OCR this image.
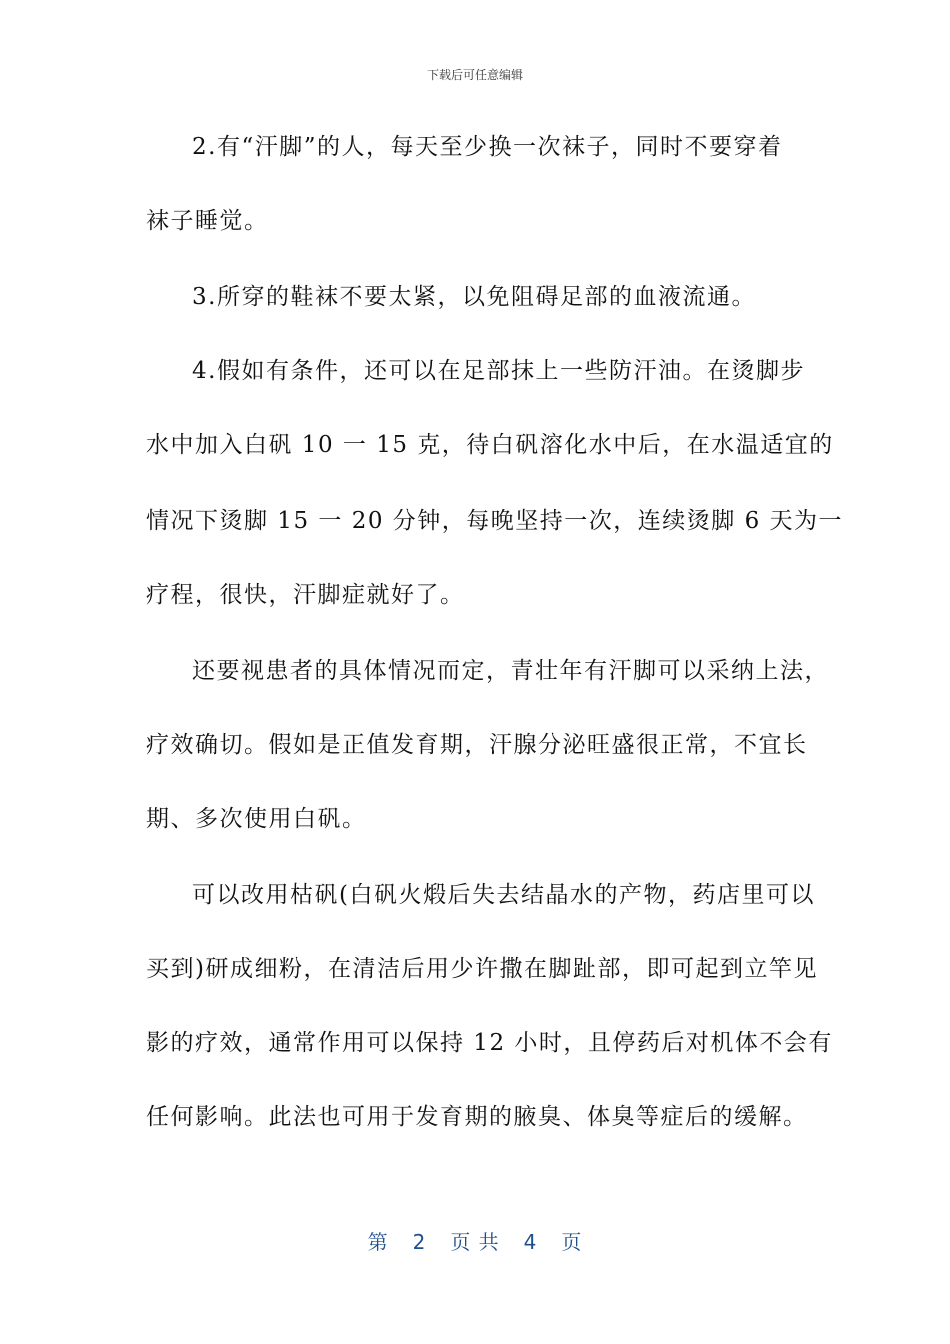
下载后可任意编辑
2.有“汗脚”的人，每天至少换一次袜子，同时不要穿着
袜子睡觉。
3.所穿的鞋袜不要太紧，以免阻碍足部的血液流通。
4.假如有条件，还可以在足部抹上一些防汗油。在烫脚步
水中加入白矾 10 一 15 克，待白矾溶化水中后，在水温适宜的
情况下烫脚 15 一 20 分钟，每晚坚持一次，连续烫脚 6 天为一
疗程，很快，汗脚症就好了。
还要视患者的具体情况而定，青壮年有汗脚可以采纳上法，
疗效确切。假如是正值发育期，汗腺分泌旺盛很正常，不宜长
期、多次使用白矾。
可以改用枯矾(白矾火煅后失去结晶水的产物，药店里可以
买到)研成细粉，在清洁后用少许撒在脚趾部，即可起到立竿见
影的疗效，通常作用可以保持 12 小时，且停药后对机体不会有
任何影响。此法也可用于发育期的腋臭、体臭等症后的缓解。
第 2 页 共 4 页
